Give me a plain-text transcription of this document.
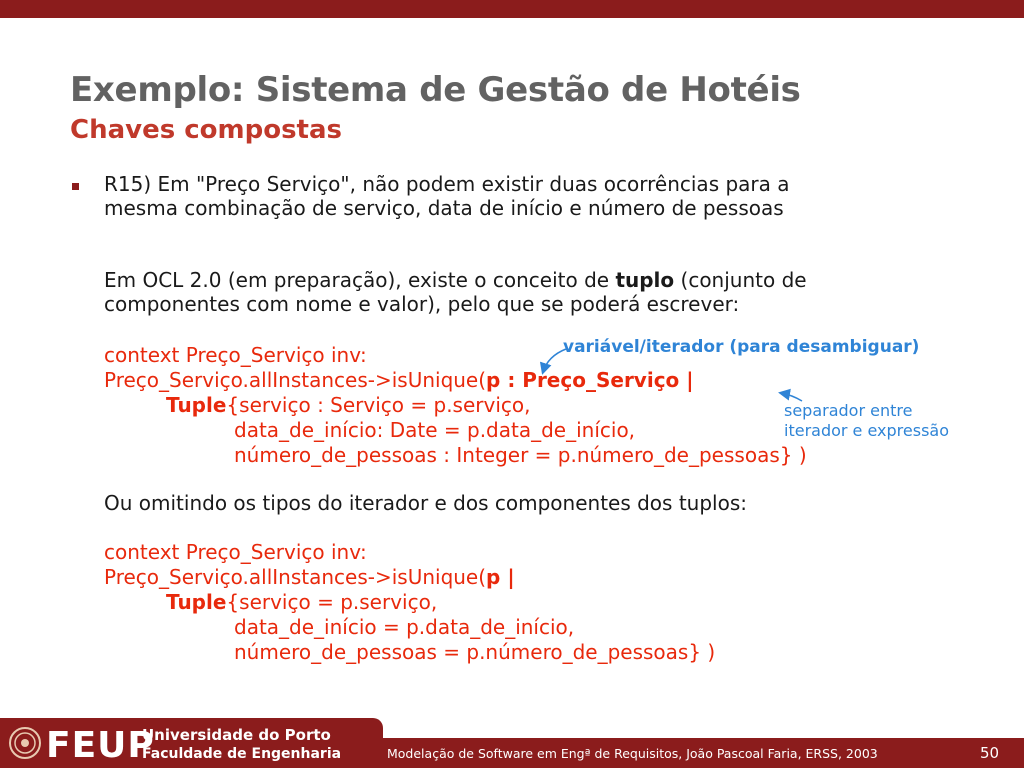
Exemplo: Sistema de Gestão de Hotéis
Chaves compostas
R15) Em "Preço Serviço", não podem existir duas ocorrências para a
mesma combinação de serviço, data de início e número de pessoas
Em OCL 2.0 (em preparação), existe o conceito de tuplo (conjunto de
componentes com nome e valor), pelo que se poderá escrever:
context Preço_Serviço inv:
Preço_Serviço.allInstances->isUnique(p : Preço_Serviço |
Tuple{serviço : Serviço = p.serviço,
data_de_início: Date = p.data_de_início,
número_de_pessoas : Integer = p.número_de_pessoas} )
Ou omitindo os tipos do iterador e dos componentes dos tuplos:
context Preço_Serviço inv:
Preço_Serviço.allInstances->isUnique(p |
Tuple{serviço = p.serviço,
data_de_início = p.data_de_início,
número_de_pessoas = p.número_de_pessoas} )
variável/iterador (para desambiguar)
separador entre
iterador e expressão
Modelação de Software em Engª de Requisitos, João Pascoal Faria, ERSS, 2003
FEUP
Universidade do Porto
Faculdade de Engenharia	50
